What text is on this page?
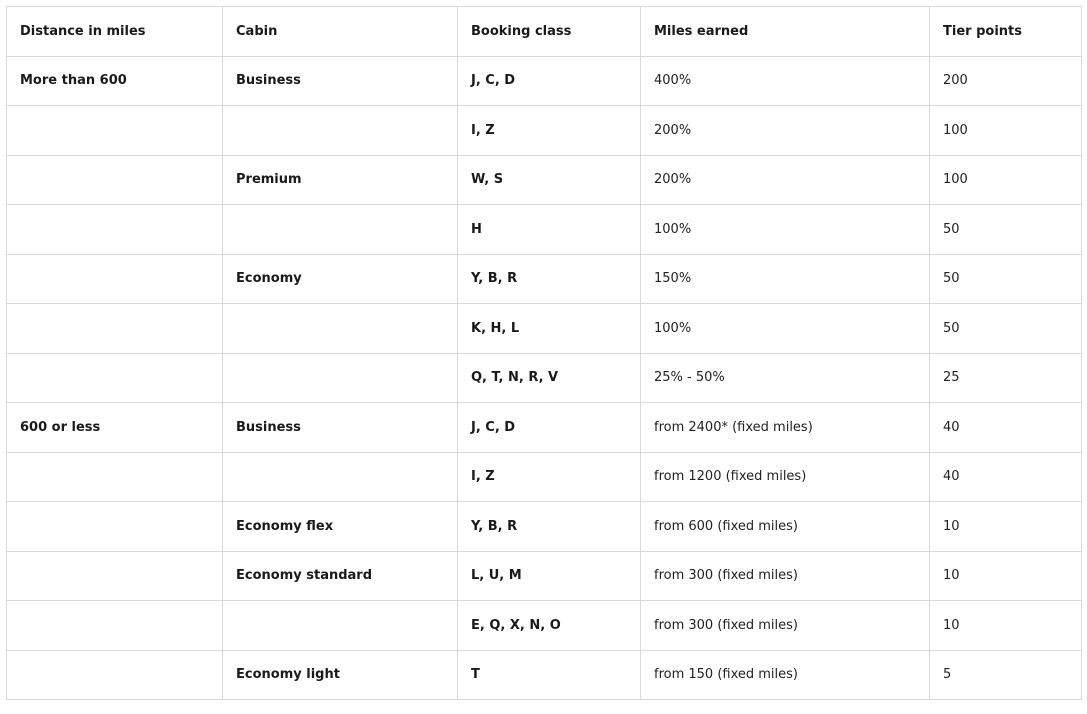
Distance in miles	Cabin	Booking class	Miles earned	Tier points
More than 600	Business	J, C, D	400%	200
		I, Z	200%	100
	Premium	W, S	200%	100
		H	100%	50
	Economy	Y, B, R	150%	50
		K, H, L	100%	50
		Q, T, N, R, V	25% - 50%	25
600 or less	Business	J, C, D	from 2400* (fixed miles)	40
		I, Z	from 1200 (fixed miles)	40
	Economy flex	Y, B, R	from 600 (fixed miles)	10
	Economy standard	L, U, M	from 300 (fixed miles)	10
		E, Q, X, N, O	from 300 (fixed miles)	10
	Economy light	T	from 150 (fixed miles)	5
